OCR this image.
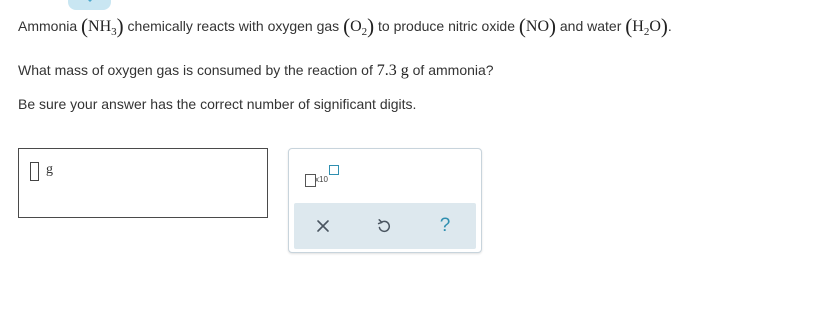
Ammonia $(NH_3)$ chemically reacts with oxygen gas $(O_2)$ to produce nitric oxide (NO) and water $(H_2O)$.
What mass of oxygen gas is consumed by the reaction of 7.3 g of ammonia?
Be sure your answer has the correct number of significant digits.
g
x10
?
